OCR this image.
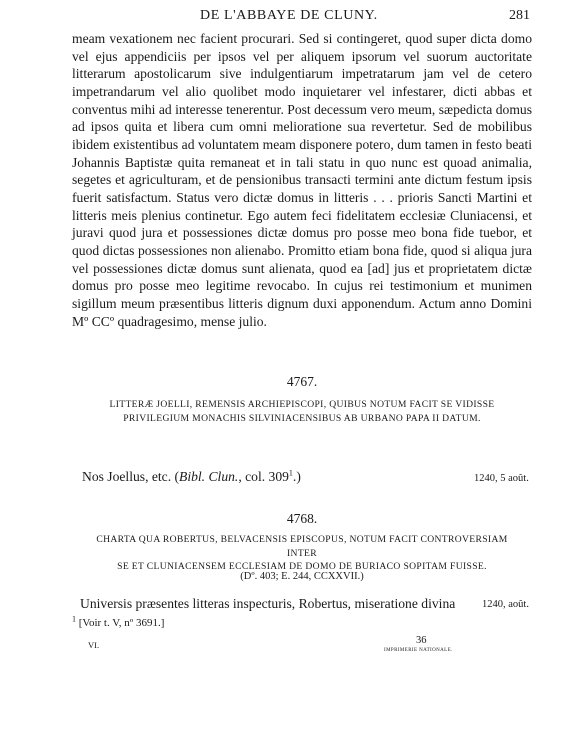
DE L'ABBAYE DE CLUNY.	281

meam vexationem nec facient procurari. Sed si contingeret, quod super dicta domo vel ejus appendiciis per ipsos vel per aliquem ipsorum vel suorum auctoritate litterarum apostolicarum sive indulgentiarum impetratarum jam vel de cetero impetrandarum vel alio quolibet modo inquietarer vel infestarer, dicti abbas et conventus mihi ad interesse tenerentur. Post decessum vero meum, sæpedicta domus ad ipsos quita et libera cum omni melioratione sua revertetur. Sed de mobilibus ibidem existentibus ad voluntatem meam disponere potero, dum tamen in festo beati Johannis Baptistæ quita remaneat et in tali statu in quo nunc est quoad animalia, segetes et agriculturam, et de pensionibus transacti termini ante dictum festum ipsis fuerit satisfactum. Status vero dictæ domus in litteris . . . prioris Sancti Martini et litteris meis plenius continetur. Ego autem feci fidelitatem ecclesiæ Cluniacensi, et juravi quod jura et possessiones dictæ domus pro posse meo bona fide tuebor, et quod dictas possessiones non alienabo. Promitto etiam bona fide, quod si aliqua jura vel possessiones dictæ domus sunt alienata, quod ea [ad] jus et proprietatem dictæ domus pro posse meo legitime revocabo. In cujus rei testimonium et munimen sigillum meum præsentibus litteris dignum duxi apponendum. Actum anno Domini Mº CCº quadragesimo, mense julio.

4767.
LITTERÆ JOELLI, REMENSIS ARCHIEPISCOPI, QUIBUS NOTUM FACIT SE VIDISSE
PRIVILEGIUM MONACHIS SILVINIACENSIBUS AB URBANO PAPA II DATUM.
Nos Joellus, etc. (Bibl. Clun., col. $309^1$.)	1240, 5 août.
4768.
CHARTA QUA ROBERTUS, BELVACENSIS EPISCOPUS, NOTUM FACIT CONTROVERSIAM INTER
SE ET CLUNIACENSEM ECCLESIAM DE DOMO DE BURIACO SOPITAM FUISSE.
(Dº. 403; E. 244, CCXXVII.)
Universis præsentes litteras inspecturis, Robertus, miseratione divina	1240, août.
$^1$ [Voir t. V, nº 3691.]
VI.	36
IMPRIMERIE NATIONALE.
